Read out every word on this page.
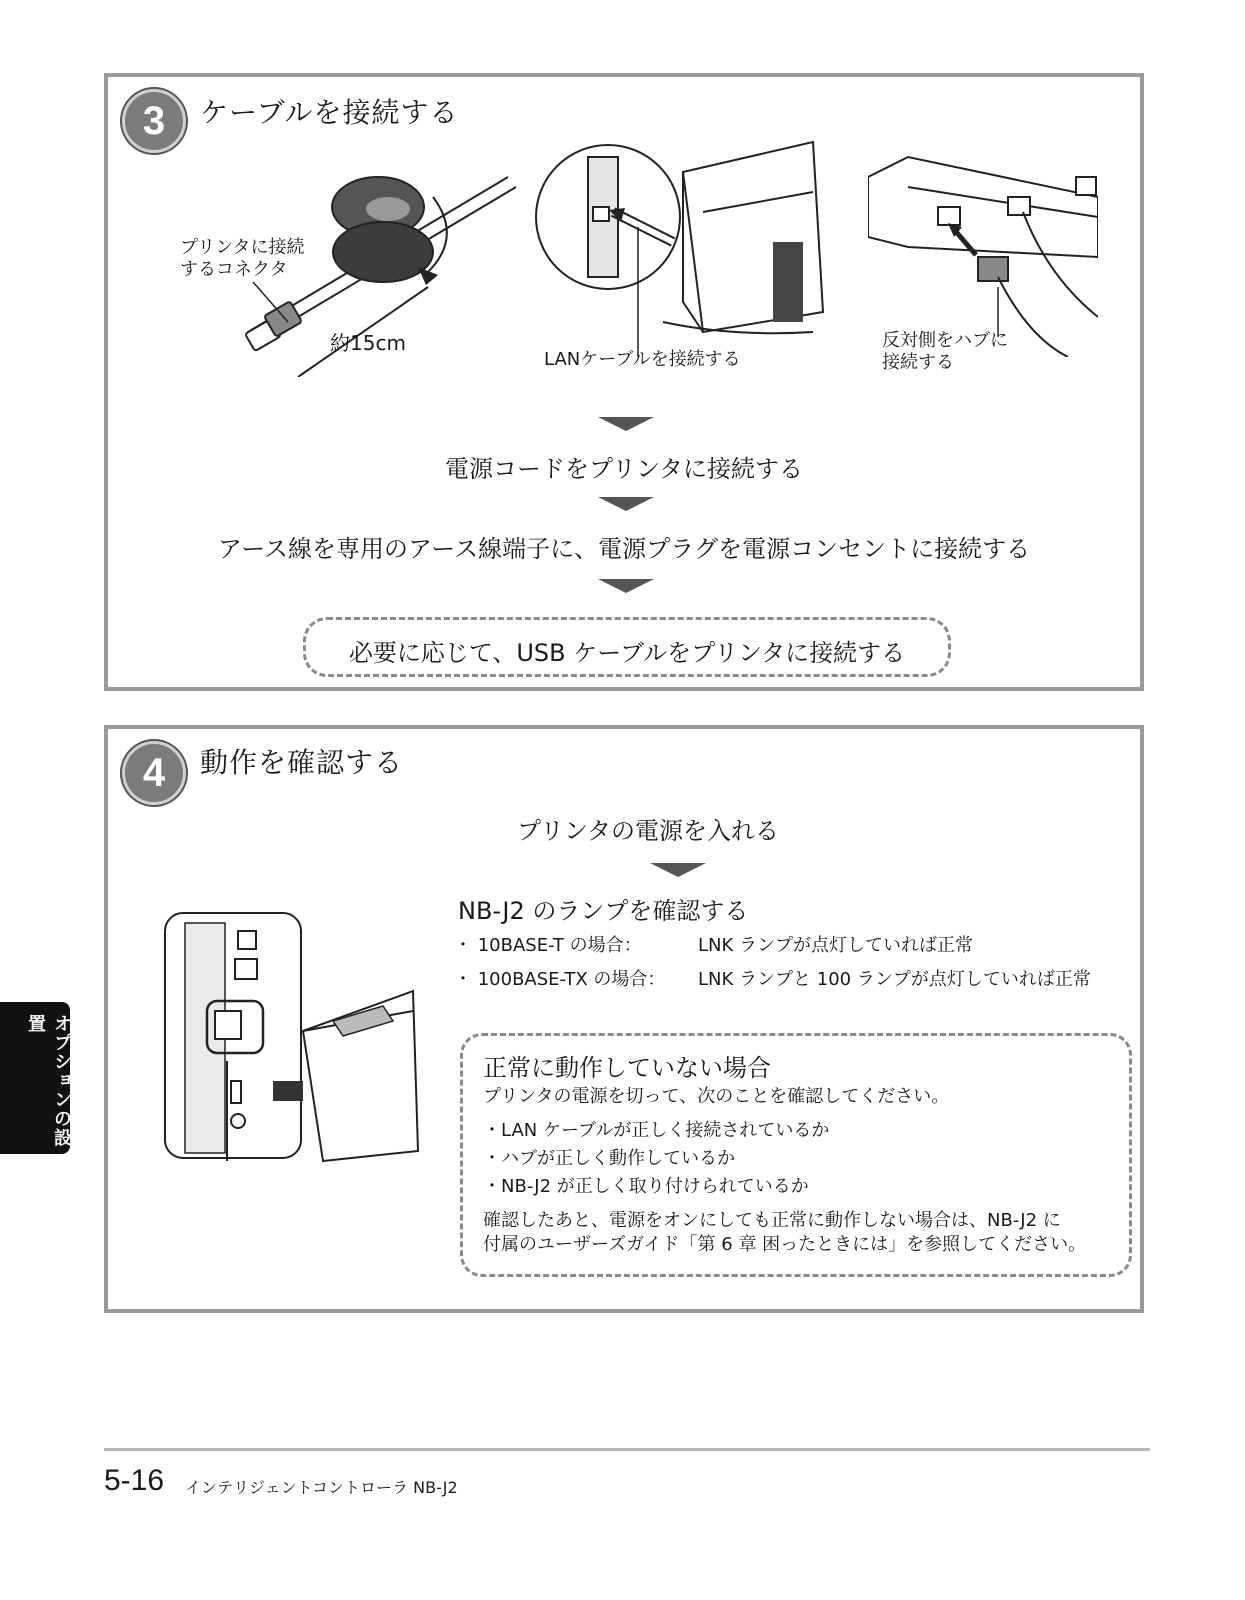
3	ケーブルを接続する
プリンタに接続
するコネクタ
約15cm
LANケーブルを接続する
反対側をハブに
接続する
電源コードをプリンタに接続する
アース線を専用のアース線端子に、電源プラグを電源コンセントに接続する
必要に応じて、USB ケーブルをプリンタに接続する
4	動作を確認する
プリンタの電源を入れる
NB-J2 のランプを確認する
・ 10BASE-T の場合：	LNK ランプが点灯していれば正常
・ 100BASE-TX の場合： LNK ランプと 100 ランプが点灯していれば正常
正常に動作していない場合
プリンタの電源を切って、次のことを確認してください。
・LAN ケーブルが正しく接続されているか
・ハブが正しく動作しているか
・NB-J2 が正しく取り付けられているか
確認したあと、電源をオンにしても正常に動作しない場合は、NB-J2 に
付属のユーザーズガイド「第 6 章 困ったときには」を参照してください。
オプションの設置
5-16 インテリジェントコントローラ NB-J2
